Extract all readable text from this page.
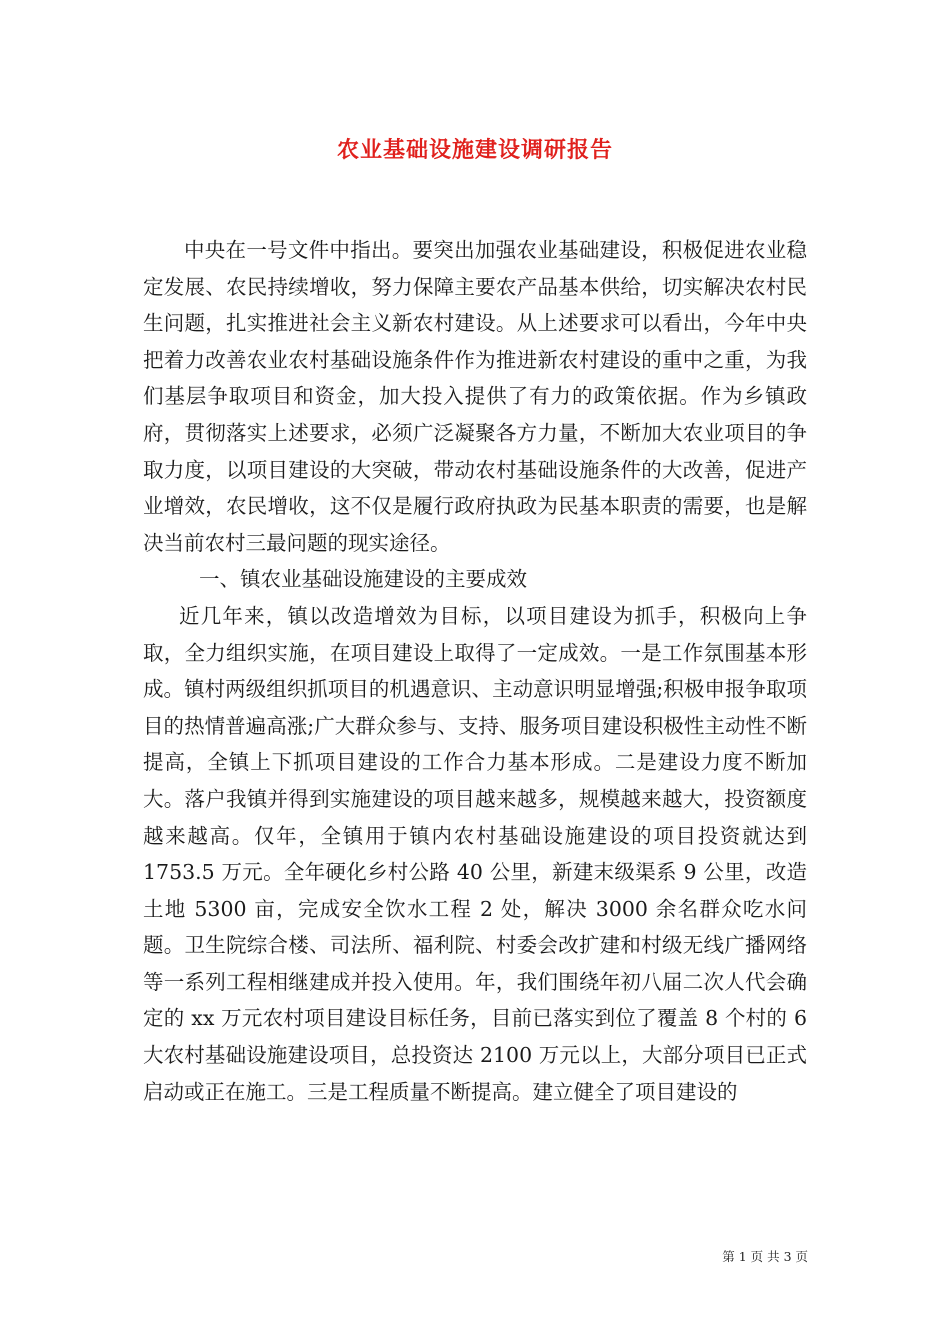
农业基础设施建设调研报告

中央在一号文件中指出。要突出加强农业基础建设，积极促进农业稳定发展、农民持续增收，努力保障主要农产品基本供给，切实解决农村民生问题，扎实推进社会主义新农村建设。从上述要求可以看出，今年中央把着力改善农业农村基础设施条件作为推进新农村建设的重中之重，为我们基层争取项目和资金，加大投入提供了有力的政策依据。作为乡镇政府，贯彻落实上述要求，必须广泛凝聚各方力量，不断加大农业项目的争取力度，以项目建设的大突破，带动农村基础设施条件的大改善，促进产业增效，农民增收，这不仅是履行政府执政为民基本职责的需要，也是解决当前农村三最问题的现实途径。

一、镇农业基础设施建设的主要成效

近几年来，镇以改造增效为目标，以项目建设为抓手，积极向上争取，全力组织实施，在项目建设上取得了一定成效。一是工作氛围基本形成。镇村两级组织抓项目的机遇意识、主动意识明显增强;积极申报争取项目的热情普遍高涨;广大群众参与、支持、服务项目建设积极性主动性不断提高，全镇上下抓项目建设的工作合力基本形成。二是建设力度不断加大。落户我镇并得到实施建设的项目越来越多，规模越来越大，投资额度越来越高。仅年，全镇用于镇内农村基础设施建设的项目投资就达到 1753.5 万元。全年硬化乡村公路 40 公里，新建末级渠系 9 公里，改造土地 5300 亩，完成安全饮水工程 2 处，解决 3000 余名群众吃水问题。卫生院综合楼、司法所、福利院、村委会改扩建和村级无线广播网络等一系列工程相继建成并投入使用。年，我们围绕年初八届二次人代会确定的 xx 万元农村项目建设目标任务，目前已落实到位了覆盖 8 个村的 6 大农村基础设施建设项目，总投资达 2100 万元以上，大部分项目已正式启动或正在施工。三是工程质量不断提高。建立健全了项目建设的

第 1 页 共 3 页
